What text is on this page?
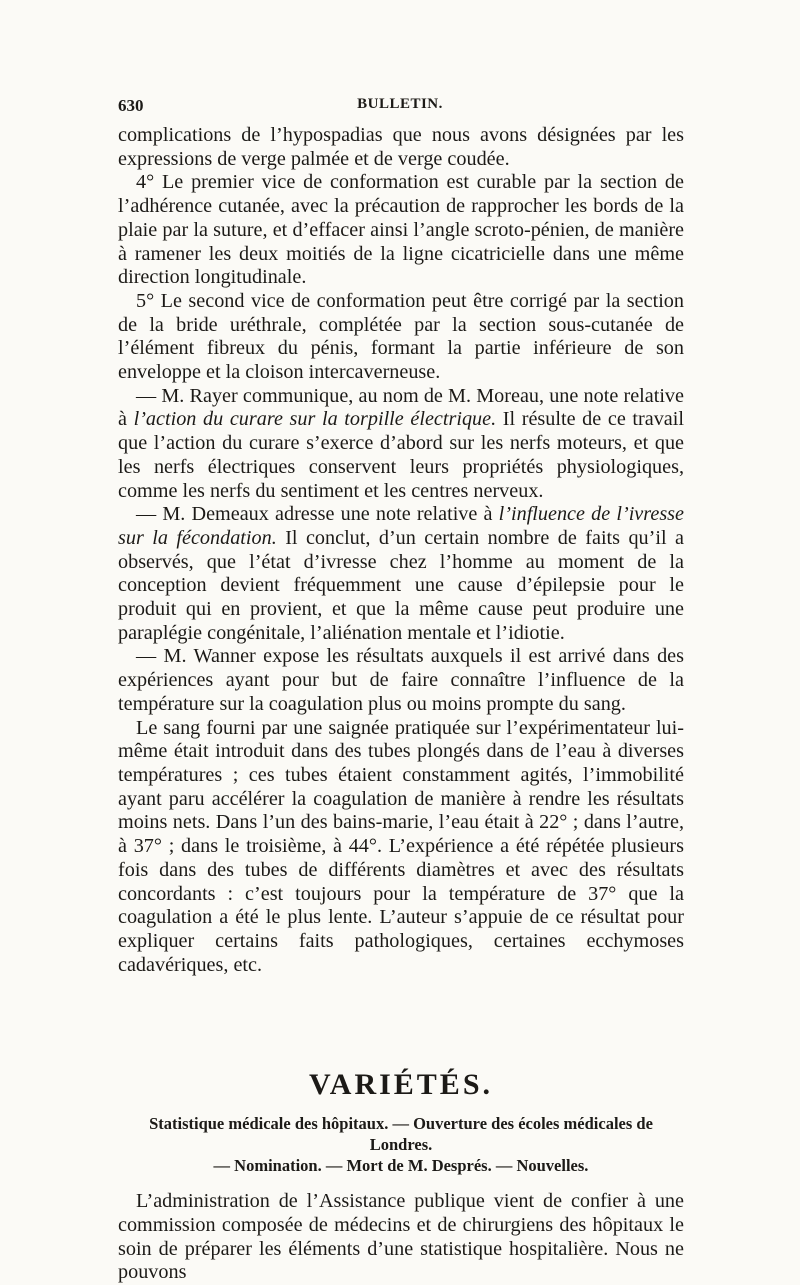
630	BULLETIN.

complications de l’hypospadias que nous avons désignées par les expressions de verge palmée et de verge coudée.

4° Le premier vice de conformation est curable par la section de l’adhérence cutanée, avec la précaution de rapprocher les bords de la plaie par la suture, et d’effacer ainsi l’angle scroto-pénien, de manière à ramener les deux moitiés de la ligne cicatricielle dans une même direction longitudinale.

5° Le second vice de conformation peut être corrigé par la section de la bride uréthrale, complétée par la section sous-cutanée de l’élément fibreux du pénis, formant la partie inférieure de son enveloppe et la cloison intercaverneuse.

— M. Rayer communique, au nom de M. Moreau, une note relative à l’action du curare sur la torpille électrique. Il résulte de ce travail que l’action du curare s’exerce d’abord sur les nerfs moteurs, et que les nerfs électriques conservent leurs propriétés physiologiques, comme les nerfs du sentiment et les centres nerveux.

— M. Demeaux adresse une note relative à l’influence de l’ivresse sur la fécondation. Il conclut, d’un certain nombre de faits qu’il a observés, que l’état d’ivresse chez l’homme au moment de la conception devient fréquemment une cause d’épilepsie pour le produit qui en provient, et que la même cause peut produire une paraplégie congénitale, l’aliénation mentale et l’idiotie.

— M. Wanner expose les résultats auxquels il est arrivé dans des expériences ayant pour but de faire connaître l’influence de la température sur la coagulation plus ou moins prompte du sang.

Le sang fourni par une saignée pratiquée sur l’expérimentateur lui-même était introduit dans des tubes plongés dans de l’eau à diverses températures ; ces tubes étaient constamment agités, l’immobilité ayant paru accélérer la coagulation de manière à rendre les résultats moins nets. Dans l’un des bains-marie, l’eau était à 22° ; dans l’autre, à 37° ; dans le troisième, à 44°. L’expérience a été répétée plusieurs fois dans des tubes de différents diamètres et avec des résultats concordants : c’est toujours pour la température de 37° que la coagulation a été le plus lente. L’auteur s’appuie de ce résultat pour expliquer certains faits pathologiques, certaines ecchymoses cadavériques, etc.

VARIÉTÉS.
Statistique médicale des hôpitaux. — Ouverture des écoles médicales de Londres.
— Nomination. — Mort de M. Després. — Nouvelles.

L’administration de l’Assistance publique vient de confier à une commission composée de médecins et de chirurgiens des hôpitaux le soin de préparer les éléments d’une statistique hospitalière. Nous ne pouvons
